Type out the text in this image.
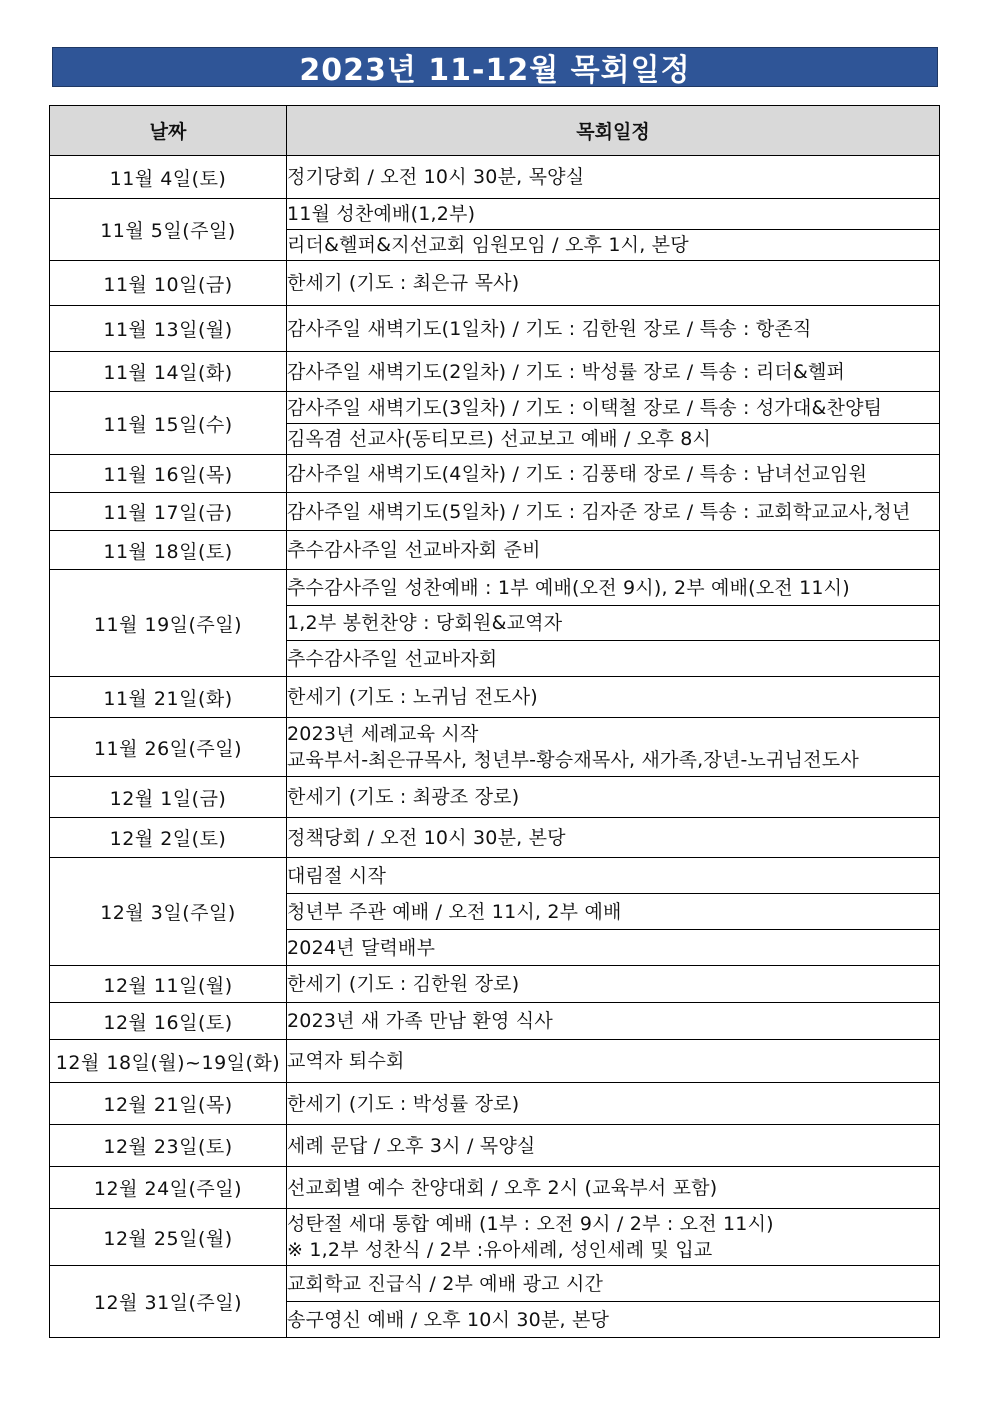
2023년 11-12월 목회일정
날짜	목회일정
11월 4일(토)	정기당회 / 오전 10시 30분, 목양실

11월 5일(주일)	11월 성찬예배(1,2부)

	리더&헬퍼&지선교회 임원모임 / 오후 1시, 본당

11월 10일(금)	한세기 (기도 : 최은규 목사)

11월 13일(월)	감사주일 새벽기도(1일차) / 기도 : 김한원 장로 / 특송 : 항존직

11월 14일(화)	감사주일 새벽기도(2일차) / 기도 : 박성률 장로 / 특송 : 리더&헬퍼

11월 15일(수)	감사주일 새벽기도(3일차) / 기도 : 이택철 장로 / 특송 : 성가대&찬양팀

	김옥겸 선교사(동티모르) 선교보고 예배 / 오후 8시

11월 16일(목)	감사주일 새벽기도(4일차) / 기도 : 김풍태 장로 / 특송 : 남녀선교임원

11월 17일(금)	감사주일 새벽기도(5일차) / 기도 : 김자준 장로 / 특송 : 교회학교교사,청년

11월 18일(토)	추수감사주일 선교바자회 준비

11월 19일(주일)	추수감사주일 성찬예배 : 1부 예배(오전 9시), 2부 예배(오전 11시)

	1,2부 봉헌찬양 : 당회원&교역자

	추수감사주일 선교바자회

11월 21일(화)	한세기 (기도 : 노귀님 전도사)

11월 26일(주일)	2023년 세례교육 시작
교육부서-최은규목사, 청년부-황승재목사, 새가족,장년-노귀님전도사

12월 1일(금)	한세기 (기도 : 최광조 장로)

12월 2일(토)	정책당회 / 오전 10시 30분, 본당

12월 3일(주일)	대림절 시작

	청년부 주관 예배 / 오전 11시, 2부 예배

	2024년 달력배부

12월 11일(월)	한세기 (기도 : 김한원 장로)

12월 16일(토)	2023년 새 가족 만남 환영 식사

12월 18일(월)~19일(화)	교역자 퇴수회

12월 21일(목)	한세기 (기도 : 박성률 장로)

12월 23일(토)	세례 문답 / 오후 3시 / 목양실

12월 24일(주일)	선교회별 예수 찬양대회 / 오후 2시 (교육부서 포함)

12월 25일(월)	성탄절 세대 통합 예배 (1부 : 오전 9시 / 2부 : 오전 11시)
※ 1,2부 성찬식 / 2부 :유아세례, 성인세례 및 입교

12월 31일(주일)	교회학교 진급식 / 2부 예배 광고 시간

	송구영신 예배 / 오후 10시 30분, 본당
